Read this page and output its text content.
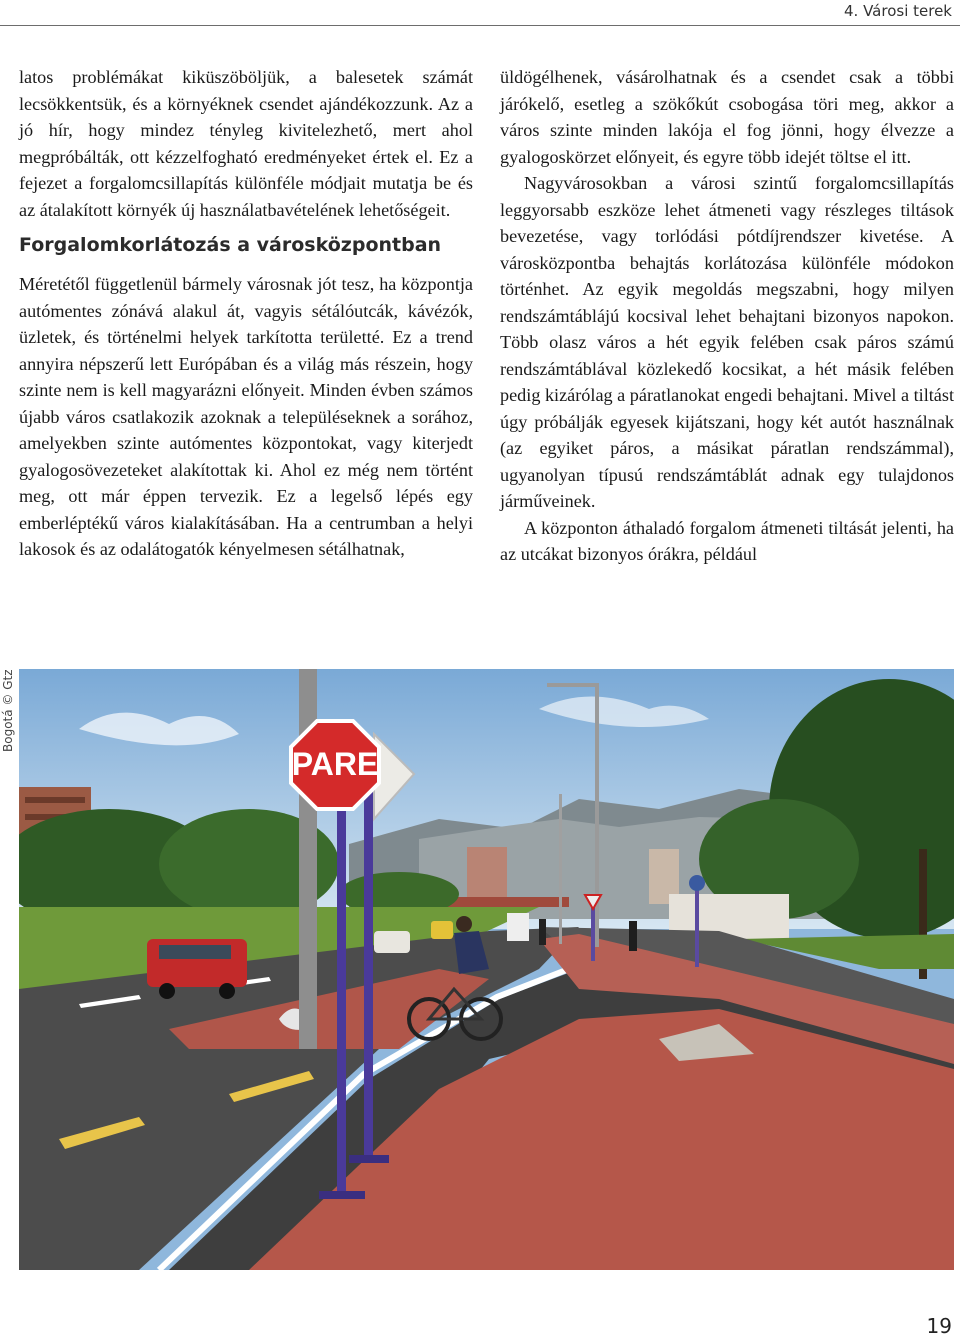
4. Városi terek

latos problémákat kiküszöböljük, a balesetek számát lecsökkentsük, és a környéknek csendet ajándékozzunk. Az a jó hír, hogy mindez tényleg kivitelezhető, mert ahol megpróbálták, ott kézzelfogható eredményeket értek el. Ez a fejezet a forgalomcsillapítás különféle módjait mutatja be és az átalakított környék új használatbavételének lehetőségeit.

Forgalomkorlátozás a városközpontban

Méretétől függetlenül bármely városnak jót tesz, ha központja autómentes zónává alakul át, vagyis sétálóutcák, kávézók, üzletek, és történelmi helyek tarkította területté. Ez a trend annyira népszerű lett Európában és a világ más részein, hogy szinte nem is kell magyarázni előnyeit. Minden évben számos újabb város csatlakozik azoknak a településeknek a sorához, amelyekben szinte autómentes központokat, vagy kiterjedt gyalogosövezeteket alakítottak ki. Ahol ez még nem történt meg, ott már éppen tervezik. Ez a legelső lépés egy emberléptékű város kialakításában. Ha a centrumban a helyi lakosok és az odalátogatók kényelmesen sétálhatnak,

üldögélhenek, vásárolhatnak és a csendet csak a többi járókelő, esetleg a szökőkút csobogása töri meg, akkor a város szinte minden lakója el fog jönni, hogy élvezze a gyalogoskörzet előnyeit, és egyre több idejét töltse el itt.

Nagyvárosokban a városi szintű forgalomcsillapítás leggyorsabb eszköze lehet átmeneti vagy részleges tiltások bevezetése, vagy torlódási pótdíjrendszer kivetése. A városközpontba behajtás korlátozása különféle módokon történhet. Az egyik megoldás megszabni, hogy milyen rendszámtáblájú kocsival lehet behajtani bizonyos napokon. Több olasz város a hét egyik felében csak páros számú rendszámtáblával közlekedő kocsikat, a hét másik felében pedig kizárólag a páratlanokat engedi behajtani. Mivel a tiltást úgy próbálják egyesek kijátszani, hogy két autót használnak (az egyiket páros, a másikat páratlan rendszámmal), ugyanolyan típusú rendszámtáblát adnak egy tulajdonos járműveinek.

A központon áthaladó forgalom átmeneti tiltását jelenti, ha az utcákat bizonyos órákra, például

Bogotá © Gtz
PARE
19
